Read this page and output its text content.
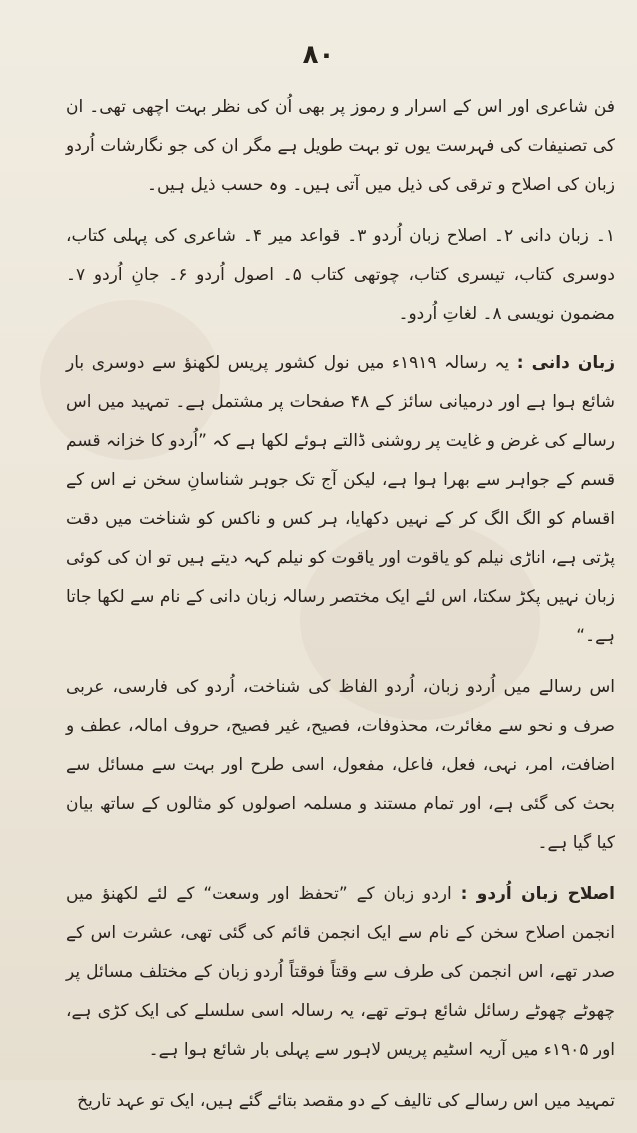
۸۰

فن شاعری اور اس کے اسرار و رموز پر بھی اُن کی نظر بہت اچھی تھی۔ ان کی تصنیفات کی فہرست یوں تو بہت طویل ہے مگر ان کی جو نگارشات اُردو زبان کی اصلاح و ترقی کی ذیل میں آتی ہیں۔ وہ حسب ذیل ہیں۔

۱۔ زبان دانی ۲۔ اصلاح زبان اُردو ۳۔ قواعد میر ۴۔ شاعری کی پہلی کتاب، دوسری کتاب، تیسری کتاب، چوتھی کتاب ۵۔ اصول اُردو ۶۔ جانِ اُردو ۷۔ مضمون نویسی ۸۔ لغاتِ اُردو۔

زبان دانی : یہ رسالہ ۱۹۱۹ء میں نول کشور پریس لکھنؤ سے دوسری بار شائع ہوا ہے اور درمیانی سائز کے ۴۸ صفحات پر مشتمل ہے۔ تمہید میں اس رسالے کی غرض و غایت پر روشنی ڈالتے ہوئے لکھا ہے کہ ”اُردو کا خزانہ قسم قسم کے جواہر سے بھرا ہوا ہے، لیکن آج تک جوہر شناسانِ سخن نے اس کے اقسام کو الگ الگ کر کے نہیں دکھایا، ہر کس و ناکس کو شناخت میں دقت پڑتی ہے، اناڑی نیلم کو یاقوت اور یاقوت کو نیلم کہہ دیتے ہیں تو ان کی کوئی زبان نہیں پکڑ سکتا، اس لئے ایک مختصر رسالہ زبان دانی کے نام سے لکھا جاتا ہے۔“

اس رسالے میں اُردو زبان، اُردو الفاظ کی شناخت، اُردو کی فارسی، عربی صرف و نحو سے مغائرت، محذوفات، فصیح، غیر فصیح، حروف امالہ، عطف و اضافت، امر، نہی، فعل، فاعل، مفعول، اسی طرح اور بہت سے مسائل سے بحث کی گئی ہے، اور تمام مستند و مسلمہ اصولوں کو مثالوں کے ساتھ بیان کیا گیا ہے۔

اصلاح زبان اُردو : اردو زبان کے ”تحفظ اور وسعت“ کے لئے لکھنؤ میں انجمن اصلاح سخن کے نام سے ایک انجمن قائم کی گئی تھی، عشرت اس کے صدر تھے، اس انجمن کی طرف سے وقتاً فوقتاً اُردو زبان کے مختلف مسائل پر چھوٹے چھوٹے رسائل شائع ہوتے تھے، یہ رسالہ اسی سلسلے کی ایک کڑی ہے، اور ۱۹۰۵ء میں آریہ اسٹیم پریس لاہور سے پہلی بار شائع ہوا ہے۔

تمہید میں اس رسالے کی تالیف کے دو مقصد بتائے گئے ہیں، ایک تو عہد تاریخ
